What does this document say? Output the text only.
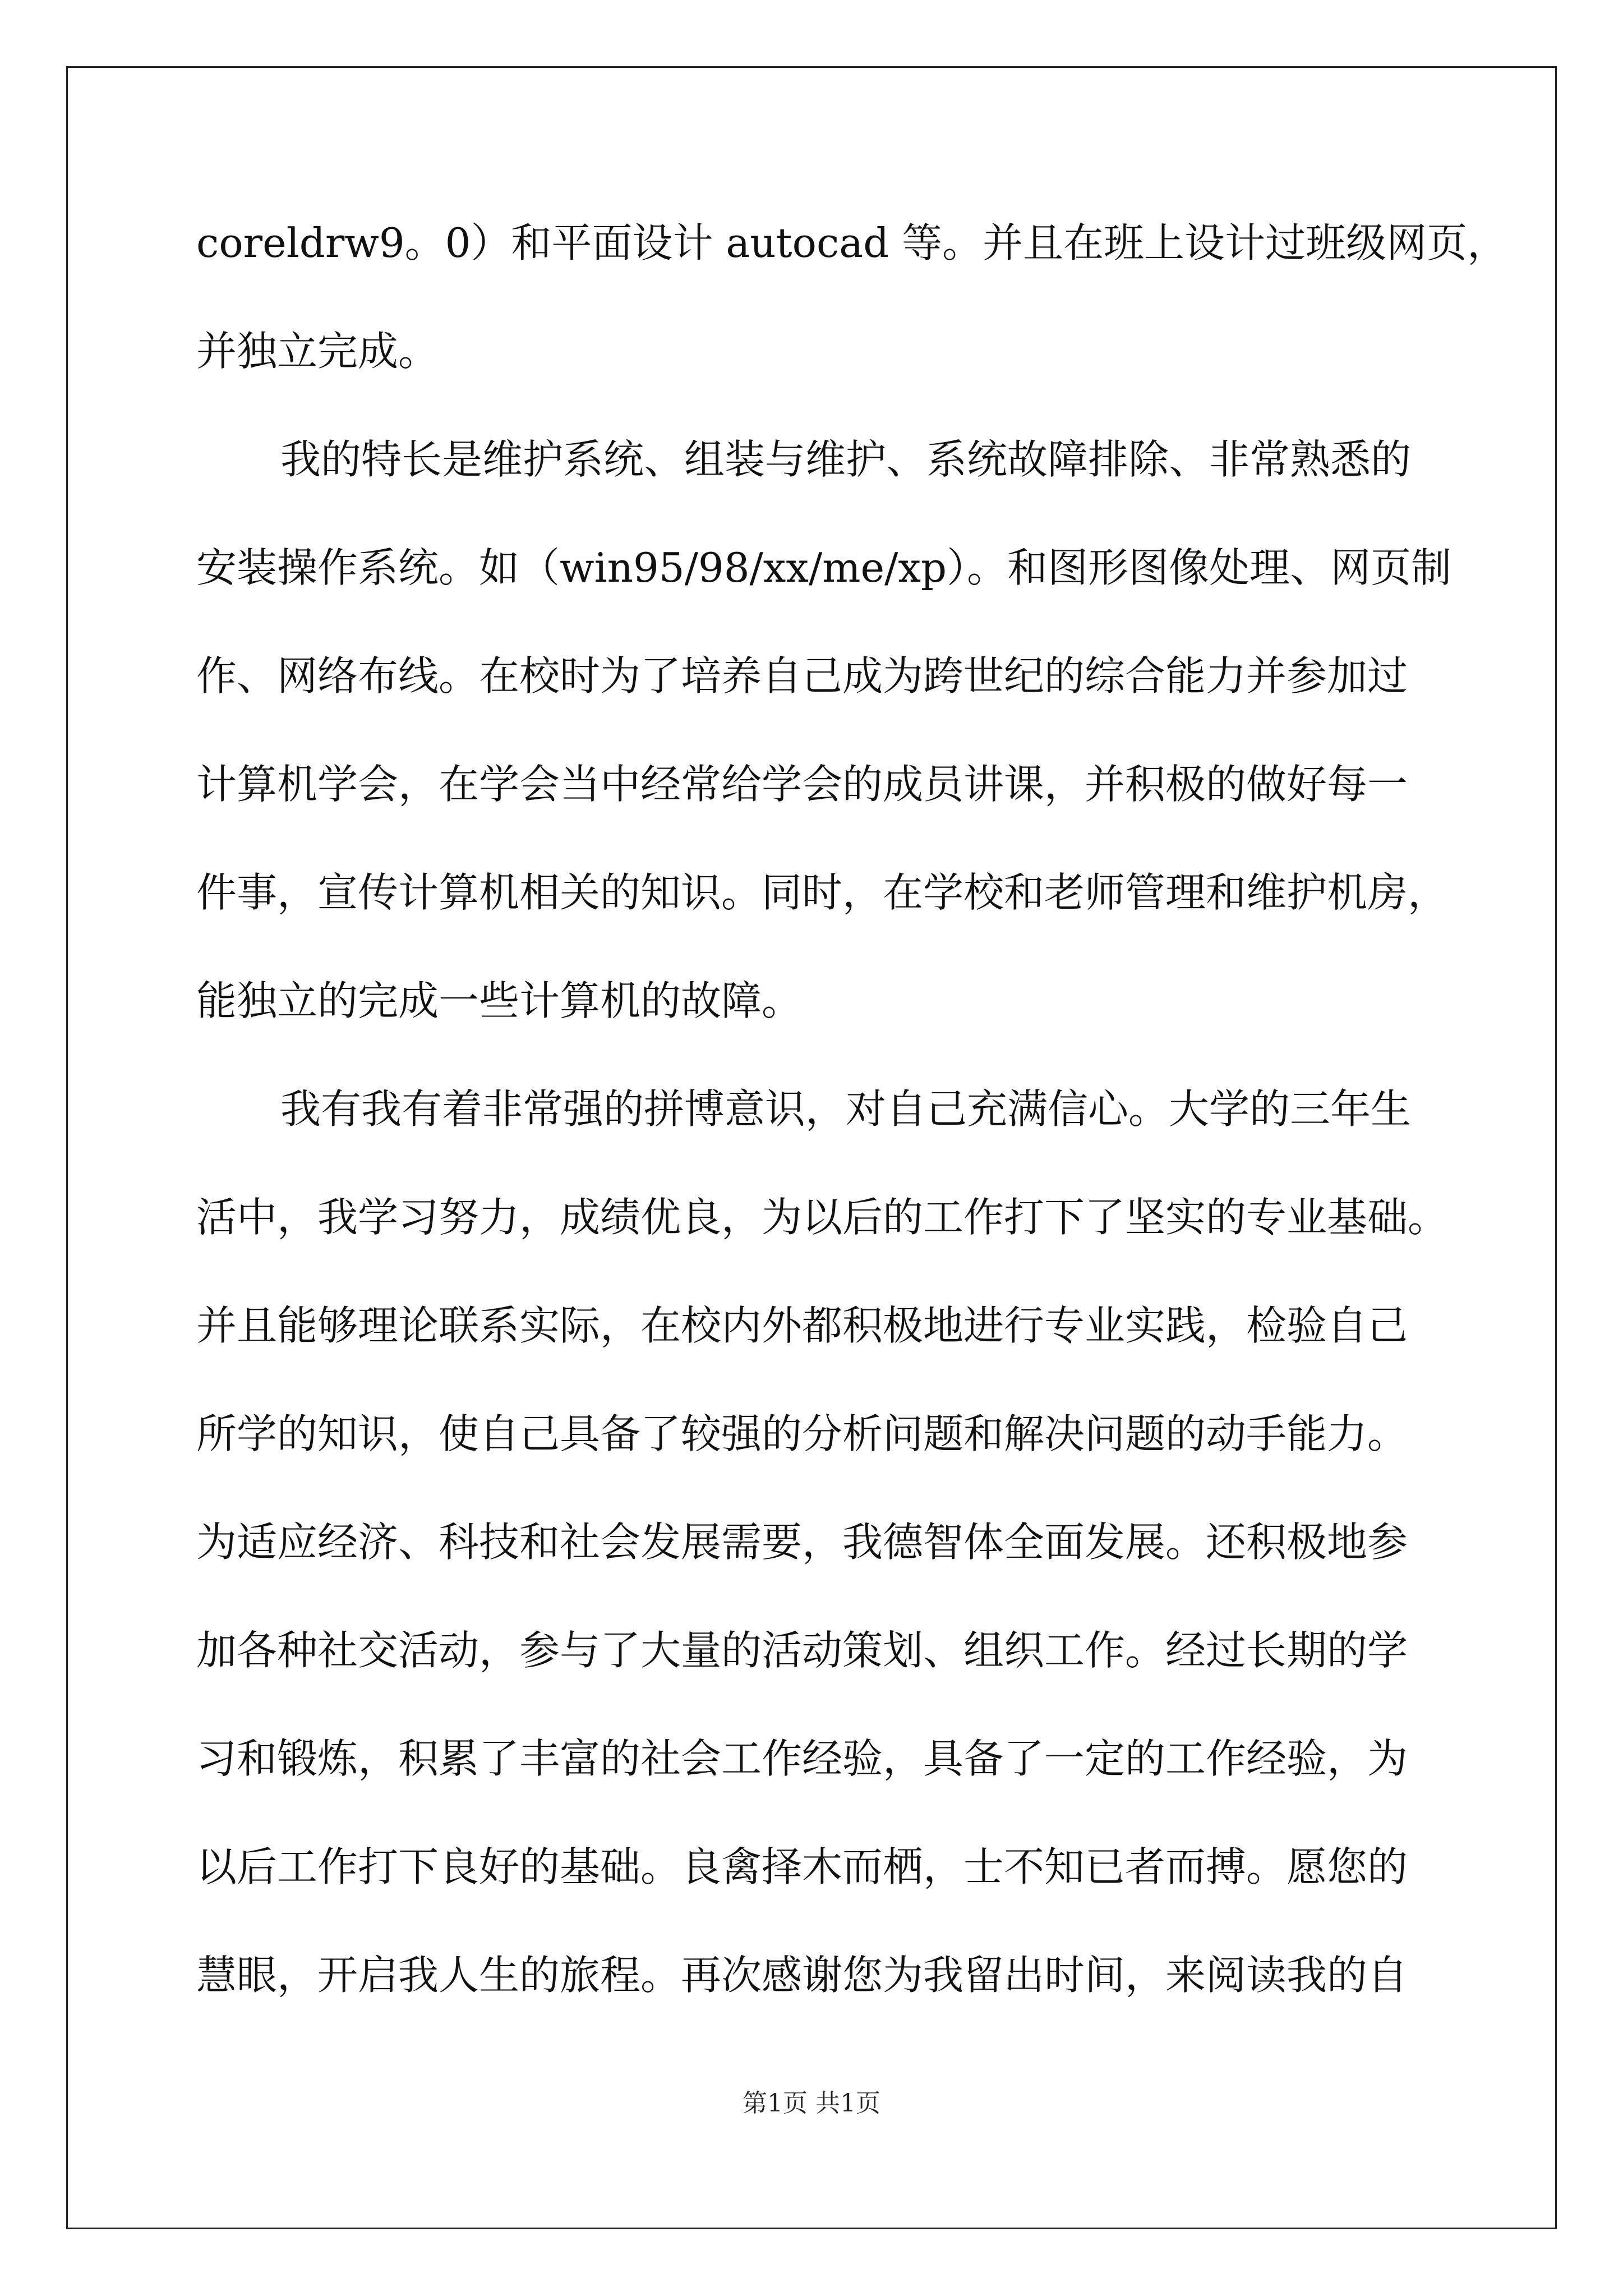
coreldrw9。0）和平面设计 autocad 等。并且在班上设计过班级网页，
并独立完成。
我的特长是维护系统、组装与维护、系统故障排除、非常熟悉的
安装操作系统。如（win95/98/xx/me/xp）。和图形图像处理、网页制
作、网络布线。在校时为了培养自己成为跨世纪的综合能力并参加过
计算机学会，在学会当中经常给学会的成员讲课，并积极的做好每一
件事，宣传计算机相关的知识。同时，在学校和老师管理和维护机房，
能独立的完成一些计算机的故障。
我有我有着非常强的拼博意识，对自己充满信心。大学的三年生
活中，我学习努力，成绩优良，为以后的工作打下了坚实的专业基础。
并且能够理论联系实际，在校内外都积极地进行专业实践，检验自己
所学的知识，使自己具备了较强的分析问题和解决问题的动手能力。
为适应经济、科技和社会发展需要，我德智体全面发展。还积极地参
加各种社交活动，参与了大量的活动策划、组织工作。经过长期的学
习和锻炼，积累了丰富的社会工作经验，具备了一定的工作经验，为
以后工作打下良好的基础。良禽择木而栖，士不知已者而搏。愿您的
慧眼，开启我人生的旅程。再次感谢您为我留出时间，来阅读我的自
第1页 共1页
